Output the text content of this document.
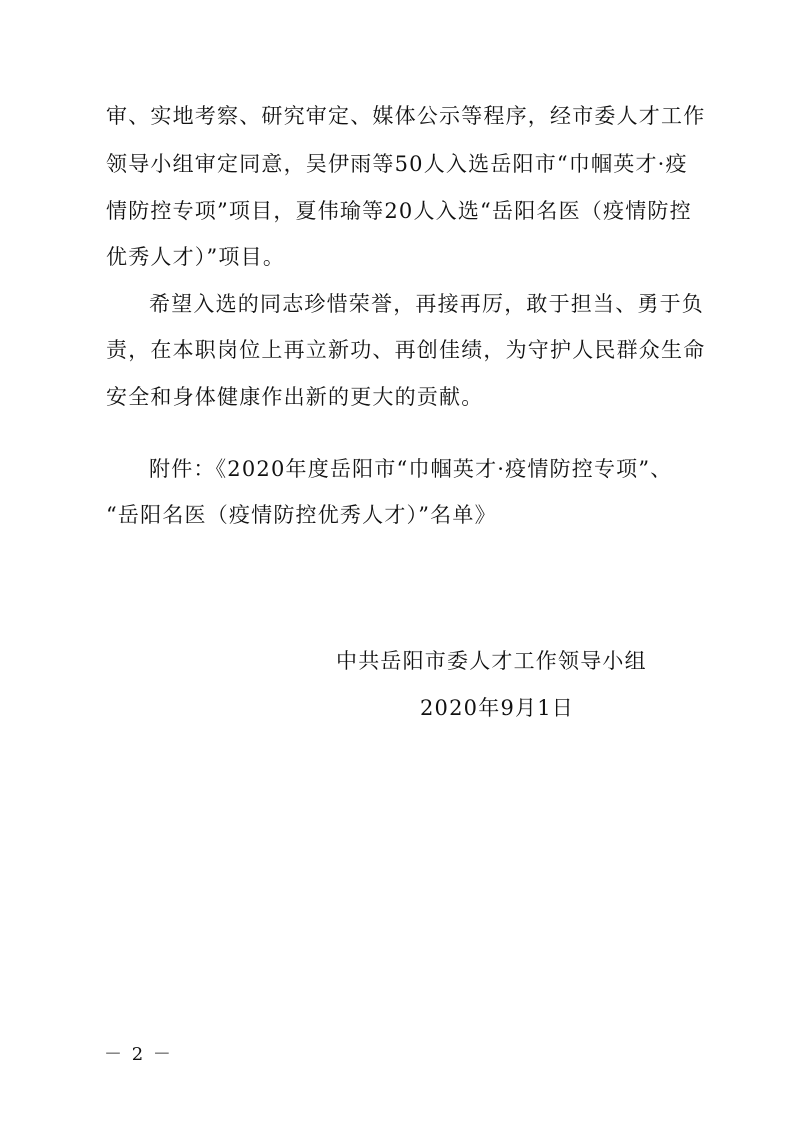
审、实地考察、研究审定、媒体公示等程序，经市委人才工作
领导小组审定同意，吴伊雨等50人入选岳阳市“巾帼英才·疫
情防控专项”项目，夏伟瑜等20人入选“岳阳名医（疫情防控
优秀人才）”项目。
希望入选的同志珍惜荣誉，再接再厉，敢于担当、勇于负
责，在本职岗位上再立新功、再创佳绩，为守护人民群众生命
安全和身体健康作出新的更大的贡献。
附件：《2020年度岳阳市“巾帼英才·疫情防控专项”、
“岳阳名医（疫情防控优秀人才）”名单》
中共岳阳市委人才工作领导小组
2020年9月1日
－ 2 －
